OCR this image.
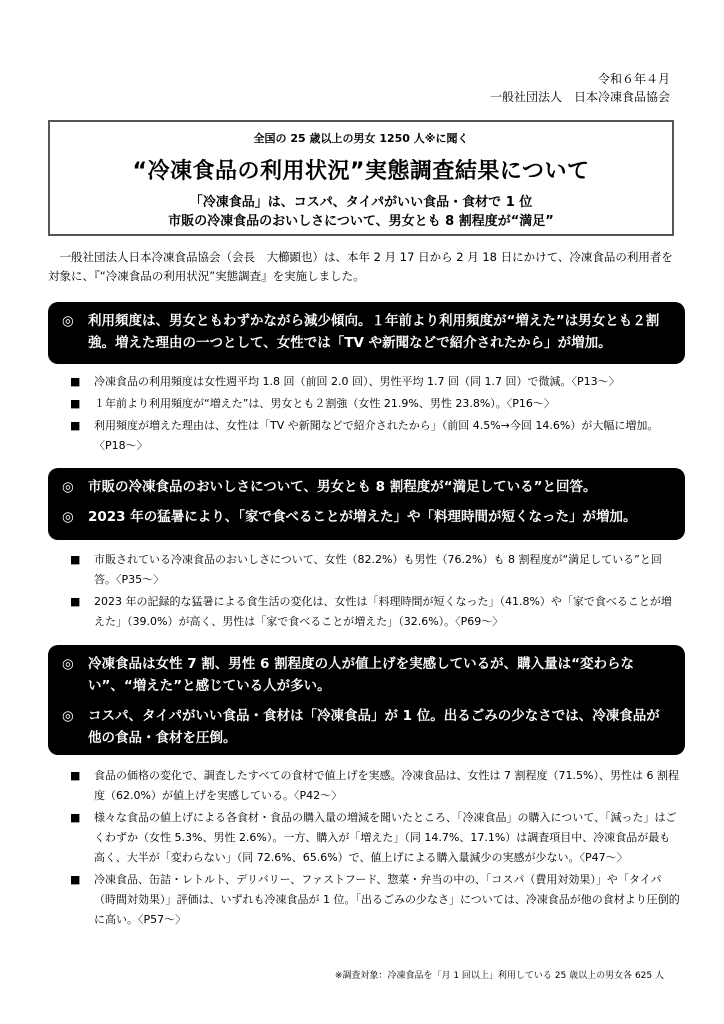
令和６年４月
一般社団法人　日本冷凍食品協会
全国の 25 歳以上の男女 1250 人※に聞く
“冷凍食品の利用状況”実態調査結果について
「冷凍食品」は、コスパ、タイパがいい食品・食材で 1 位
市販の冷凍食品のおいしさについて、男女とも 8 割程度が“満足”
一般社団法人日本冷凍食品協会（会長　大櫛顕也）は、本年 2 月 17 日から 2 月 18 日にかけて、冷凍食品の利用者を対象に、『“冷凍食品の利用状況”実態調査』を実施しました。
◎	利用頻度は、男女ともわずかながら減少傾向。１年前より利用頻度が“増えた”は男女とも２割強。増えた理由の一つとして、女性では「TV や新聞などで紹介されたから」が増加。
■	冷凍食品の利用頻度は女性週平均 1.8 回（前回 2.0 回）、男性平均 1.7 回（同 1.7 回）で微減。〈P13～〉
■	１年前より利用頻度が“増えた”は、男女とも２割強（女性 21.9%、男性 23.8%）。〈P16～〉
■	利用頻度が増えた理由は、女性は「TV や新聞などで紹介されたから」（前回 4.5%→今回 14.6%）が大幅に増加。〈P18～〉
◎	市販の冷凍食品のおいしさについて、男女とも 8 割程度が“満足している”と回答。
◎	2023 年の猛暑により、「家で食べることが増えた」や「料理時間が短くなった」が増加。
■	市販されている冷凍食品のおいしさについて、女性（82.2%）も男性（76.2%）も 8 割程度が“満足している”と回答。〈P35～〉
■	2023 年の記録的な猛暑による食生活の変化は、女性は「料理時間が短くなった」（41.8%）や「家で食べることが増えた」（39.0%）が高く、男性は「家で食べることが増えた」（32.6%）。〈P69～〉
◎	冷凍食品は女性 7 割、男性 6 割程度の人が値上げを実感しているが、購入量は“変わらない”、“増えた”と感じている人が多い。
◎	コスパ、タイパがいい食品・食材は「冷凍食品」が 1 位。出るごみの少なさでは、冷凍食品が他の食品・食材を圧倒。
■	食品の価格の変化で、調査したすべての食材で値上げを実感。冷凍食品は、女性は 7 割程度（71.5%）、男性は 6 割程度（62.0%）が値上げを実感している。〈P42～〉
■	様々な食品の値上げによる各食材・食品の購入量の増減を聞いたところ、「冷凍食品」の購入について、「減った」はごくわずか（女性 5.3%、男性 2.6%）。一方、購入が「増えた」（同 14.7%、17.1%）は調査項目中、冷凍食品が最も高く、大半が「変わらない」（同 72.6%、65.6%）で、値上げによる購入量減少の実感が少ない。〈P47～〉
■	冷凍食品、缶詰・レトルト、デリバリー、ファストフード、惣菜・弁当の中の、「コスパ（費用対効果）」や「タイパ（時間対効果）」評価は、いずれも冷凍食品が 1 位。「出るごみの少なさ」については、冷凍食品が他の食材より圧倒的に高い。〈P57～〉
※調査対象：冷凍食品を「月 1 回以上」利用している 25 歳以上の男女各 625 人
